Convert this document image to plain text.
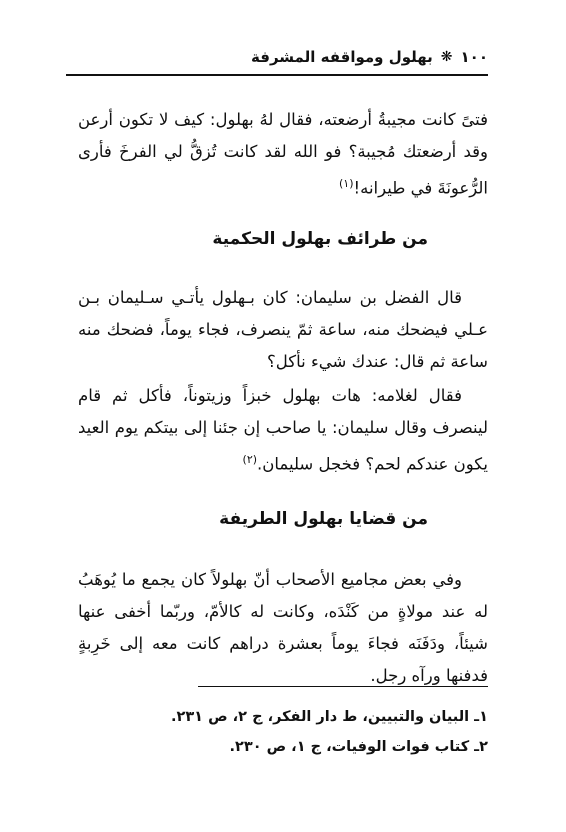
١٠٠
❋
بهلول ومواقفه المشرفة
فتىً كانت مجيبةُ أرضعته، فقال لهُ بهلول: كيف لا تكون أرعن وقد أرضعتك مُجيبة؟ فو الله لقد كانت تُزقُّ لي الفرخَ فأرى الرُّعونَةَ في طيرانه!$^{(١)}$
من طرائف بهلول الحكمية
قال الفضل بن سليمان: كان بـهلول يأتـي سـليمان بـن عـلي فيضحك منه، ساعة ثمّ ينصرف، فجاء يوماً، فضحك منه ساعة ثم قال: عندك شيء نأكل؟
فقال لغلامه: هات بهلول خبزاً وزيتوناً، فأكل ثم قام لينصرف وقال سليمان: يا صاحب إن جئنا إلى بيتكم يوم العيد يكون عندكم لحم؟ فخجل سليمان.$^{(٢)}$
من قضايا بهلول الطريفة
وفي بعض مجاميع الأصحاب أنّ بهلولاً كان يجمع ما يُوهَبُ له عند مولاةٍ من كَنْدَه، وكانت له كالأمّ، وربّما أخفى عنها شيئاً، ودَفَنَه فجاءَ يوماً بعشرة دراهم كانت معه إلى خَرِبةٍ فدفنها ورآه رجل.
١ـ البيان والتبيين، ط دار الفكر، ج ٢، ص ٢٣١.
٢ـ كتاب فوات الوفيات، ج ١، ص ٢٣٠.
